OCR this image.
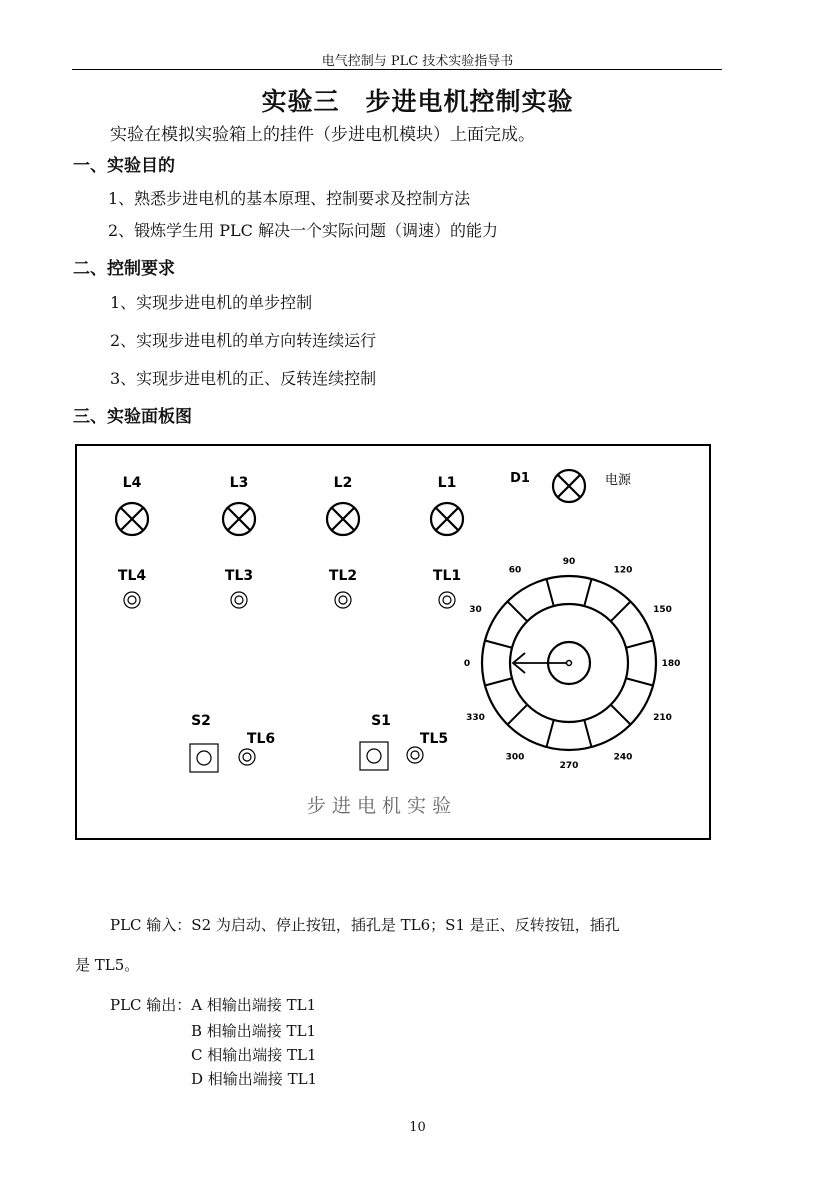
电气控制与 PLC 技术实验指导书
实验三　步进电机控制实验
实验在模拟实验箱上的挂件（步进电机模块）上面完成。
一、实验目的
1、熟悉步进电机的基本原理、控制要求及控制方法
2、锻炼学生用 PLC 解决一个实际问题（调速）的能力
二、控制要求
1、实现步进电机的单步控制
2、实现步进电机的单方向转连续运行
3、实现步进电机的正、反转连续控制
三、实验面板图
L4	L3	L2	L1	D1	电源
TL4	TL3	TL2	TL1
S2
TL6
S1
TL5
0
30
60
90
120
150
180
210
240
270
300
330
步 进 电 机 实 验
PLC 输入：S2 为启动、停止按钮，插孔是 TL6；S1 是正、反转按钮，插孔
是 TL5。
PLC 输出：A 相输出端接 TL1
B 相输出端接 TL1
C 相输出端接 TL1
D 相输出端接 TL1
10
